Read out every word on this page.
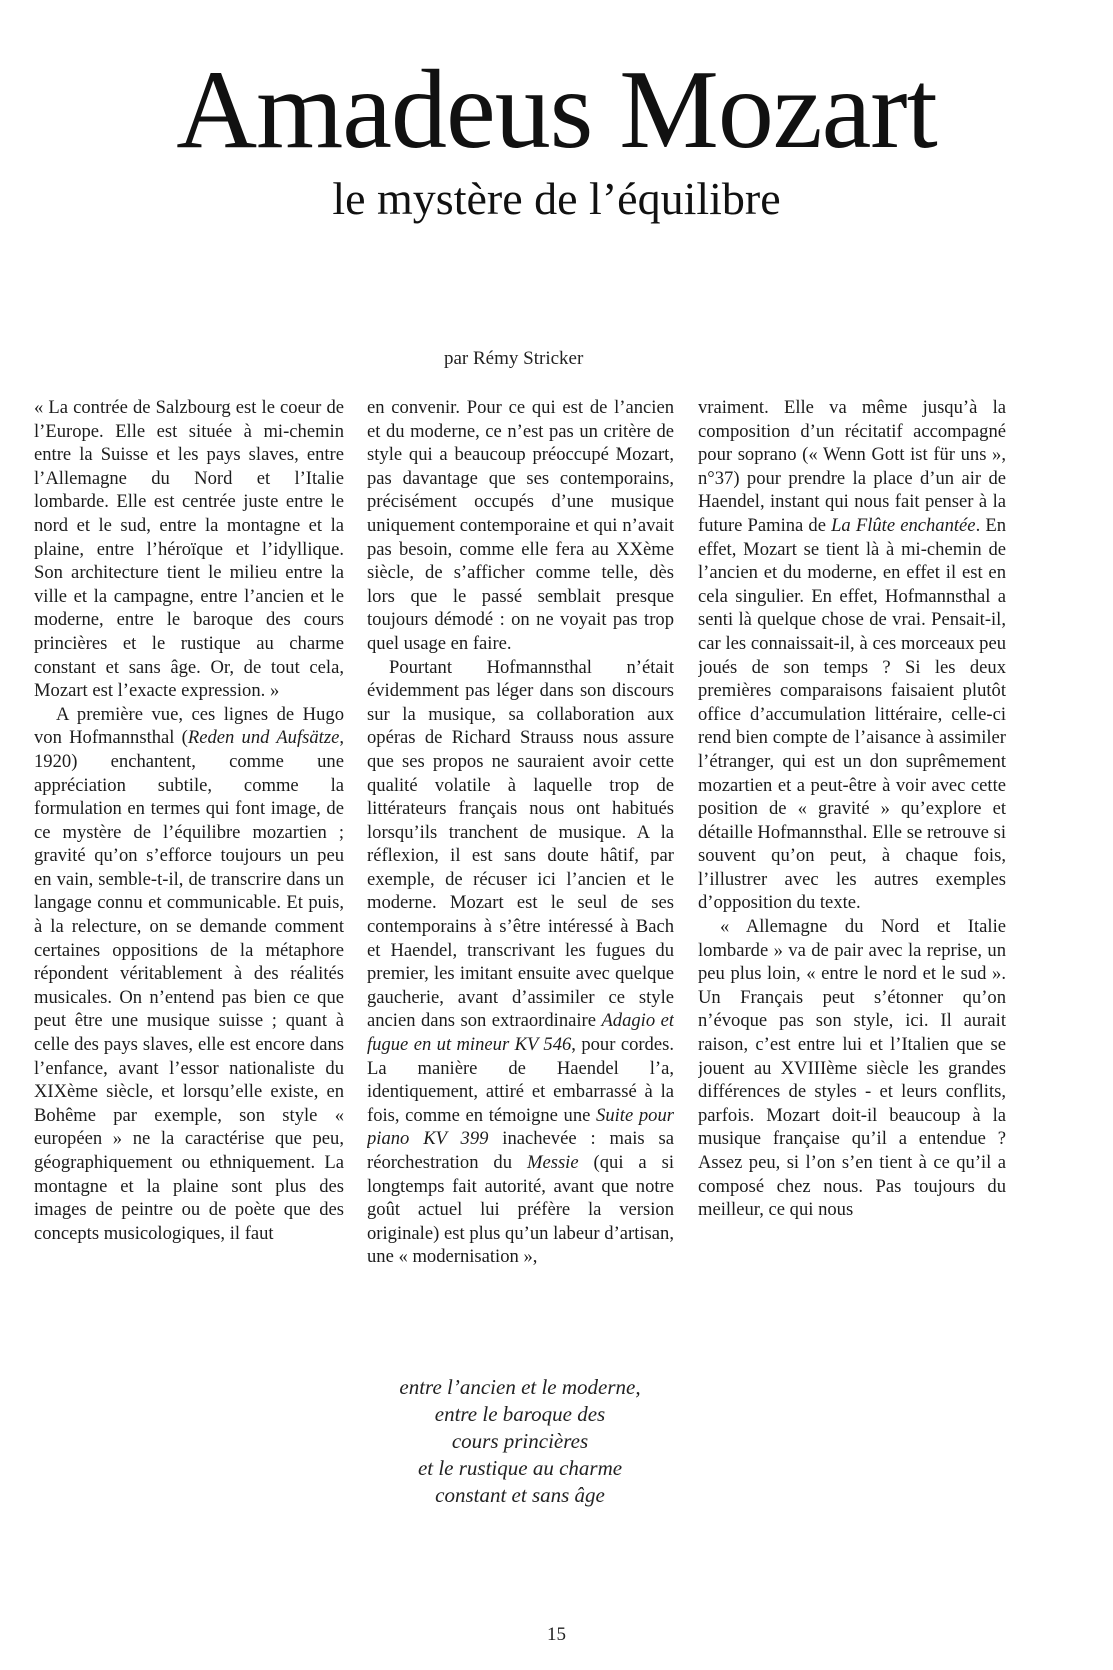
Amadeus Mozart
le mystère de l’équilibre
par Rémy Stricker

« La contrée de Salzbourg est le coeur de l’Europe. Elle est située à mi-chemin entre la Suisse et les pays slaves, entre l’Allemagne du Nord et l’Italie lombarde. Elle est centrée juste entre le nord et le sud, entre la montagne et la plaine, entre l’héroïque et l’idyllique. Son architecture tient le milieu entre la ville et la campagne, entre l’ancien et le moderne, entre le baroque des cours princières et le rustique au charme constant et sans âge. Or, de tout cela, Mozart est l’exacte expression. »

A première vue, ces lignes de Hugo von Hofmannsthal (Reden und Aufsätze, 1920) enchantent, comme une appréciation subtile, comme la formulation en termes qui font image, de ce mystère de l’équilibre mozartien ; gravité qu’on s’efforce toujours un peu en vain, semble-t-il, de transcrire dans un langage connu et communicable. Et puis, à la relecture, on se demande comment certaines oppositions de la métaphore répondent véritablement à des réalités musicales. On n’entend pas bien ce que peut être une musique suisse ; quant à celle des pays slaves, elle est encore dans l’enfance, avant l’essor nationaliste du XIXème siècle, et lorsqu’elle existe, en Bohême par exemple, son style « européen » ne la caractérise que peu, géographiquement ou ethniquement. La montagne et la plaine sont plus des images de peintre ou de poète que des concepts musicologiques, il faut

en convenir. Pour ce qui est de l’ancien et du moderne, ce n’est pas un critère de style qui a beaucoup préoccupé Mozart, pas davantage que ses contemporains, précisément occupés d’une musique uniquement contemporaine et qui n’avait pas besoin, comme elle fera au XXème siècle, de s’afficher comme telle, dès lors que le passé semblait presque toujours démodé : on ne voyait pas trop quel usage en faire.

Pourtant Hofmannsthal n’était évidemment pas léger dans son discours sur la musique, sa collaboration aux opéras de Richard Strauss nous assure que ses propos ne sauraient avoir cette qualité volatile à laquelle trop de littérateurs français nous ont habitués lorsqu’ils tranchent de musique. A la réflexion, il est sans doute hâtif, par exemple, de récuser ici l’ancien et le moderne. Mozart est le seul de ses contemporains à s’être intéressé à Bach et Haendel, transcrivant les fugues du premier, les imitant ensuite avec quelque gaucherie, avant d’assimiler ce style ancien dans son extraordinaire Adagio et fugue en ut mineur KV 546, pour cordes. La manière de Haendel l’a, identiquement, attiré et embarrassé à la fois, comme en témoigne une Suite pour piano KV 399 inachevée : mais sa réorchestration du Messie (qui a si longtemps fait autorité, avant que notre goût actuel lui préfère la version originale) est plus qu’un labeur d’artisan, une « modernisation »,

vraiment. Elle va même jusqu’à la composition d’un récitatif accompagné pour soprano (« Wenn Gott ist für uns », n°37) pour prendre la place d’un air de Haendel, instant qui nous fait penser à la future Pamina de La Flûte enchantée. En effet, Mozart se tient là à mi-chemin de l’ancien et du moderne, en effet il est en cela singulier. En effet, Hofmannsthal a senti là quelque chose de vrai. Pensait-il, car les connaissait-il, à ces morceaux peu joués de son temps ? Si les deux premières comparaisons faisaient plutôt office d’accumulation littéraire, celle-ci rend bien compte de l’aisance à assimiler l’étranger, qui est un don suprêmement mozartien et a peut-être à voir avec cette position de « gravité » qu’explore et détaille Hofmannsthal. Elle se retrouve si souvent qu’on peut, à chaque fois, l’illustrer avec les autres exemples d’opposition du texte.

« Allemagne du Nord et Italie lombarde » va de pair avec la reprise, un peu plus loin, « entre le nord et le sud ». Un Français peut s’étonner qu’on n’évoque pas son style, ici. Il aurait raison, c’est entre lui et l’Italien que se jouent au XVIIIème siècle les grandes différences de styles - et leurs conflits, parfois. Mozart doit-il beaucoup à la musique française qu’il a entendue ? Assez peu, si l’on s’en tient à ce qu’il a composé chez nous. Pas toujours du meilleur, ce qui nous

entre l’ancien et le moderne,
entre le baroque des
cours princières
et le rustique au charme
constant et sans âge
15
